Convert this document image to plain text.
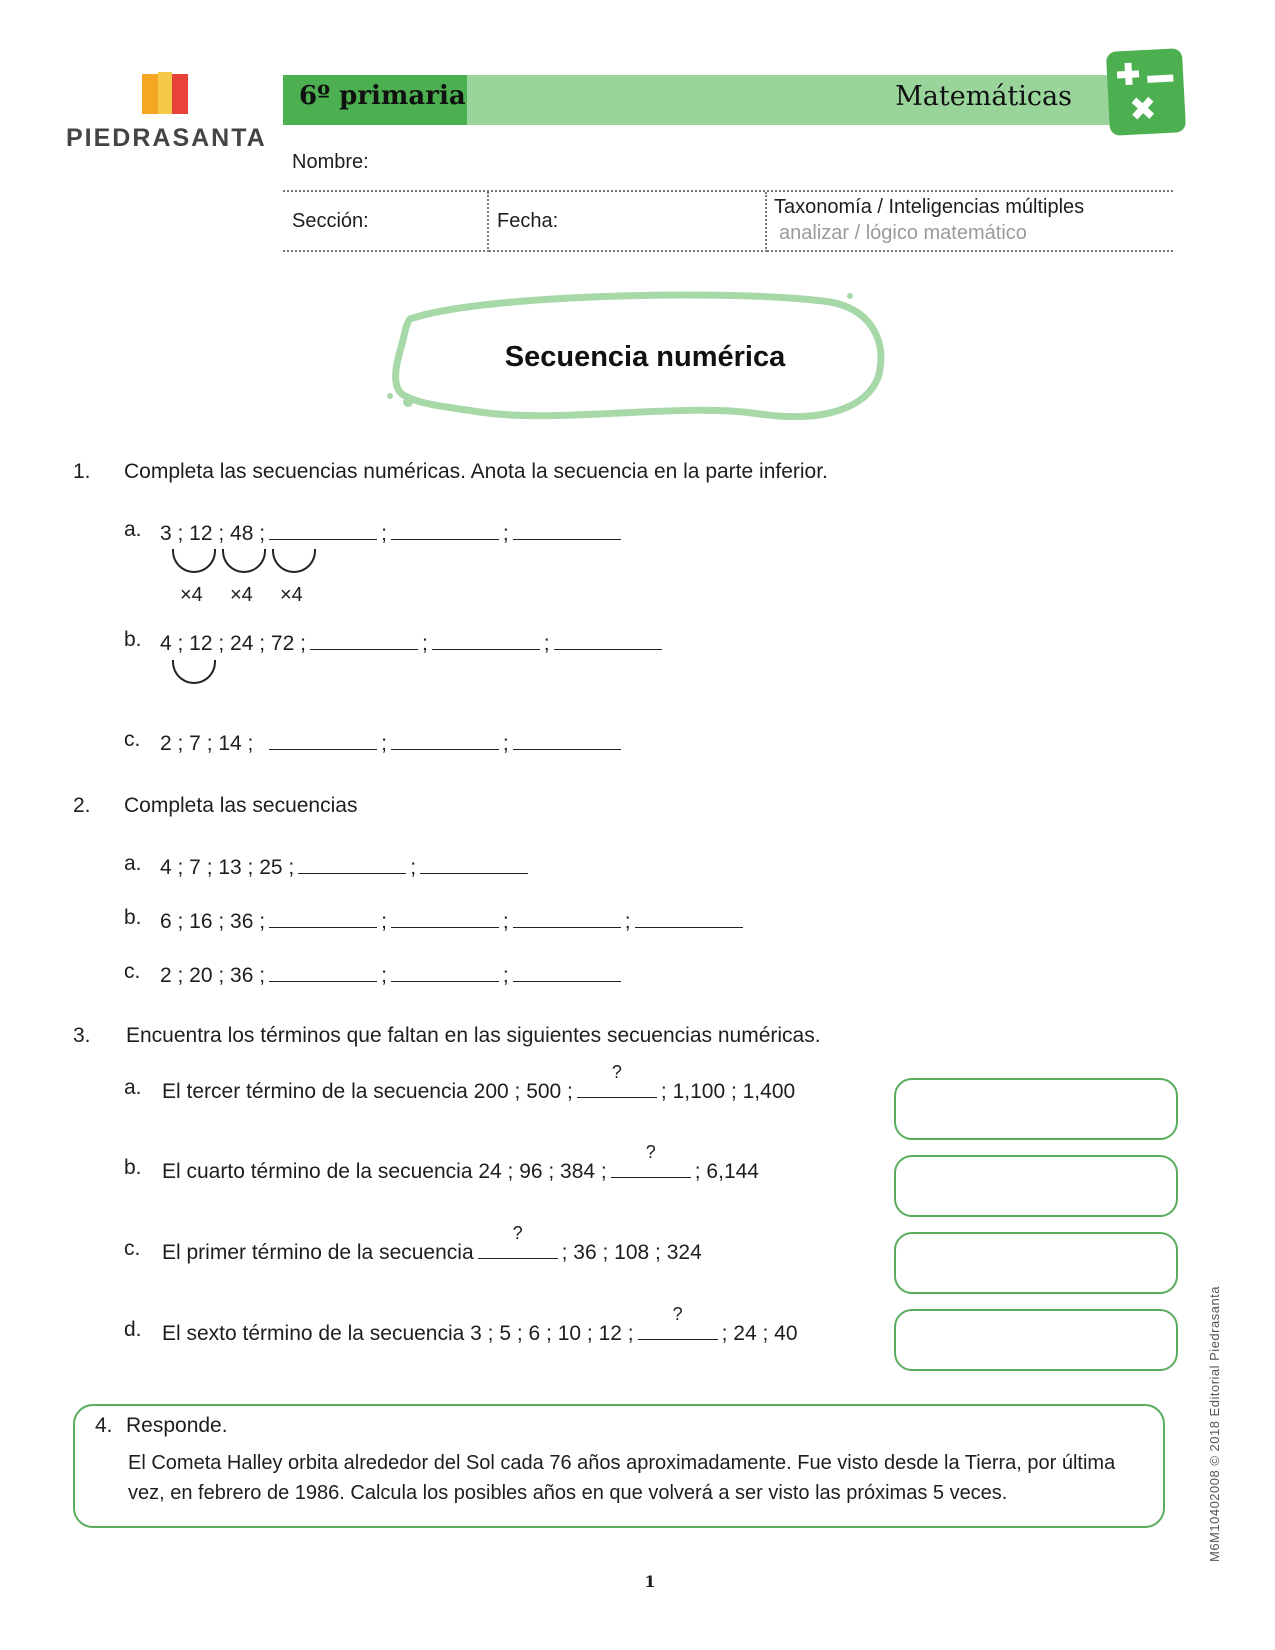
PIEDRASANTA
6º primaria	Matemáticas
Nombre:
Sección:	Fecha:
Taxonomía / Inteligencias múltiples
analizar / lógico matemático
Secuencia numérica
1. Completa las secuencias numéricas. Anota la secuencia en la parte inferior.
a. 3 ; 12 ; 48 ;	;	;
×4 ×4 ×4
b. 4 ; 12 ; 24 ; 72 ;	;	;
c. 2 ; 7 ; 14 ;	;	;
2. Completa las secuencias
a. 4 ; 7 ; 13 ; 25 ;	;
b. 6 ; 16 ; 36 ;	;	;	;
c. 2 ; 20 ; 36 ;	;	;
3. Encuentra los términos que faltan en las siguientes secuencias numéricas.
a. El tercer término de la secuencia 200 ; 500 ;
?
; 1,100 ; 1,400
b. El cuarto término de la secuencia 24 ; 96 ; 384 ;
?
; 6,144
c. El primer término de la secuencia
?
; 36 ; 108 ; 324
d. El sexto término de la secuencia 3 ; 5 ; 6 ; 10 ; 12 ;
?
; 24 ; 40
4. Responde.
El Cometa Halley orbita alrededor del Sol cada 76 años aproximadamente. Fue visto desde la Tierra, por última
vez, en febrero de 1986. Calcula los posibles años en que volverá a ser visto las próximas 5 veces.	M6M10402008 © 2018 Editorial Piedrasanta
1
